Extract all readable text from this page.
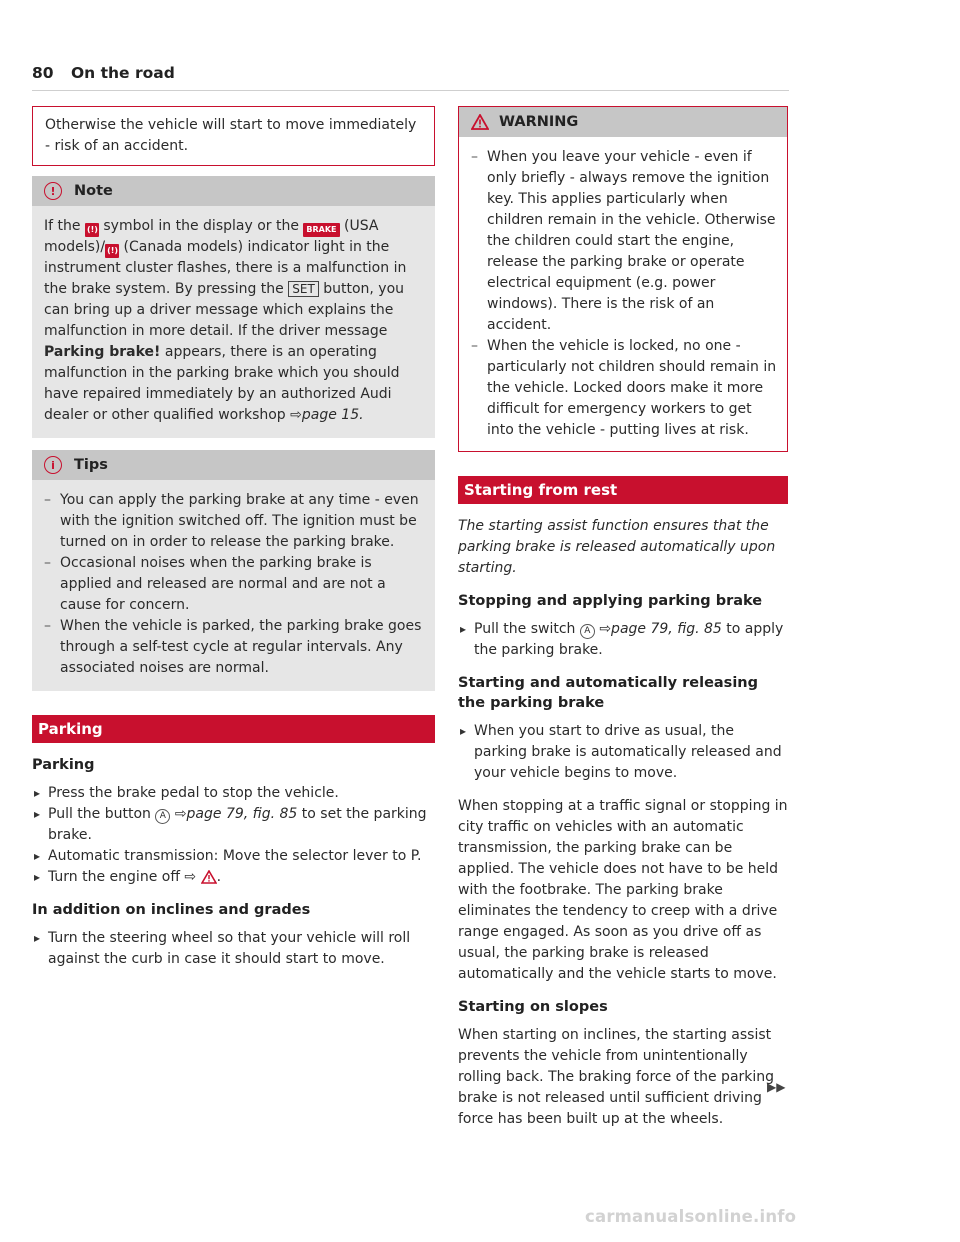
80 On the road

Otherwise the vehicle will start to move immediately - risk of an accident.

!	Note

If the (!) symbol in the display or the BRAKE (USA models)/ (!) (Canada models) indicator light in the instrument cluster flashes, there is a malfunction in the brake system. By pressing the SET button, you can bring up a driver message which explains the malfunction in more detail. If the driver message Parking brake! appears, there is an operating malfunction in the parking brake which you should have repaired immediately by an authorized Audi dealer or other qualified workshop ⇨page 15.

i	Tips
– You can apply the parking brake at any time - even with the ignition switched off. The ignition must be turned on in order to release the parking brake.
– Occasional noises when the parking brake is applied and released are normal and are not a cause for concern.
– When the vehicle is parked, the parking brake goes through a self-test cycle at regular intervals. Any associated noises are normal.
Parking
Parking
▸ Press the brake pedal to stop the vehicle.
▸ Pull the button A ⇨page 79, fig. 85 to set the parking brake.
▸ Automatic transmission: Move the selector lever to P.
▸ Turn the engine off ⇨ .
In addition on inclines and grades
▸ Turn the steering wheel so that your vehicle will roll against the curb in case it should start to move.
WARNING
– When you leave your vehicle - even if only briefly - always remove the ignition key. This applies particularly when children remain in the vehicle. Otherwise the children could start the engine, release the parking brake or operate electrical equipment (e.g. power windows). There is the risk of an accident.
– When the vehicle is locked, no one - particularly not children should remain in the vehicle. Locked doors make it more difficult for emergency workers to get into the vehicle - putting lives at risk.
Starting from rest

The starting assist function ensures that the parking brake is released automatically upon starting.

Stopping and applying parking brake
▸ Pull the switch A ⇨page 79, fig. 85 to apply the parking brake.
Starting and automatically releasing the parking brake
▸ When you start to drive as usual, the parking brake is automatically released and your vehicle begins to move.

When stopping at a traffic signal or stopping in city traffic on vehicles with an automatic transmission, the parking brake can be applied. The vehicle does not have to be held with the footbrake. The parking brake eliminates the tendency to creep with a drive range engaged. As soon as you drive off as usual, the parking brake is released automatically and the vehicle starts to move.

Starting on slopes

When starting on inclines, the starting assist prevents the vehicle from unintentionally rolling back. The braking force of the parking brake is not released until sufficient driving force has been built up at the wheels.

▶▶
carmanualsonline.info
